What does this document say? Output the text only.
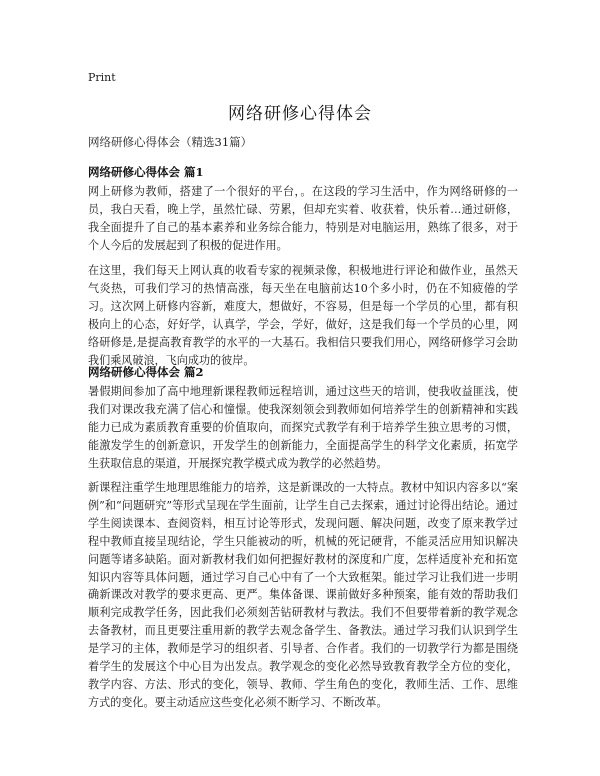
Print
网络研修心得体会
网络研修心得体会（精选31篇）
网络研修心得体会 篇1
网上研修为教师，搭建了一个很好的平台，。在这段的学习生活中，作为网络研修的一员，我白天看，晚上学，虽然忙碌、劳累，但却充实着、收获着，快乐着…通过研修，我全面提升了自己的基本素养和业务综合能力，特别是对电脑运用，熟练了很多，对于个人今后的发展起到了积极的促进作用。
在这里，我们每天上网认真的收看专家的视频录像，积极地进行评论和做作业，虽然天气炎热，可我们学习的热情高涨，每天坐在电脑前达10个多小时，仍在不知疲倦的学习。这次网上研修内容新，难度大，想做好，不容易，但是每一个学员的心里，都有积极向上的心态，好好学，认真学，学会，学好，做好，这是我们每一个学员的心里，网络研修是,是提高教育教学的水平的一大基石。我相信只要我们用心，网络研修学习会助我们乘风破浪，飞向成功的彼岸。
网络研修心得体会 篇2
暑假期间参加了高中地理新课程教师远程培训，通过这些天的培训，使我收益匪浅，使我们对课改我充满了信心和憧憬。使我深刻领会到教师如何培养学生的创新精神和实践能力已成为素质教育重要的价值取向，而探究式教学有利于培养学生独立思考的习惯，能激发学生的创新意识，开发学生的创新能力，全面提高学生的科学文化素质，拓宽学生获取信息的渠道，开展探究教学模式成为教学的必然趋势。
新课程注重学生地理思维能力的培养，这是新课改的一大特点。教材中知识内容多以“案例”和“问题研究”等形式呈现在学生面前，让学生自己去探索，通过讨论得出结论。通过学生阅读课本、查阅资料，相互讨论等形式，发现问题、解决问题，改变了原来教学过程中教师直接呈现结论，学生只能被动的听，机械的死记硬背，不能灵活应用知识解决问题等诸多缺陷。面对新教材我们如何把握好教材的深度和广度，怎样适度补充和拓宽知识内容等具体问题，通过学习自己心中有了一个大致框架。能过学习让我们进一步明确新课改对教学的要求更高、更严。集体备课、课前做好多种预案，能有效的帮助我们顺利完成教学任务，因此我们必须刻苦钻研教材与教法。我们不但要带着新的教学观念去备教材，而且更要注重用新的教学去观念备学生、备教法。通过学习我们认识到学生是学习的主体，教师是学习的组织者、引导者、合作者。我们的一切教学行为都是围绕着学生的发展这个中心目为出发点。教学观念的变化必然导致教育教学全方位的变化，教学内容、方法、形式的变化，领导、教师、学生角色的变化，教师生活、工作、思维方式的变化。要主动适应这些变化必须不断学习、不断改革。
